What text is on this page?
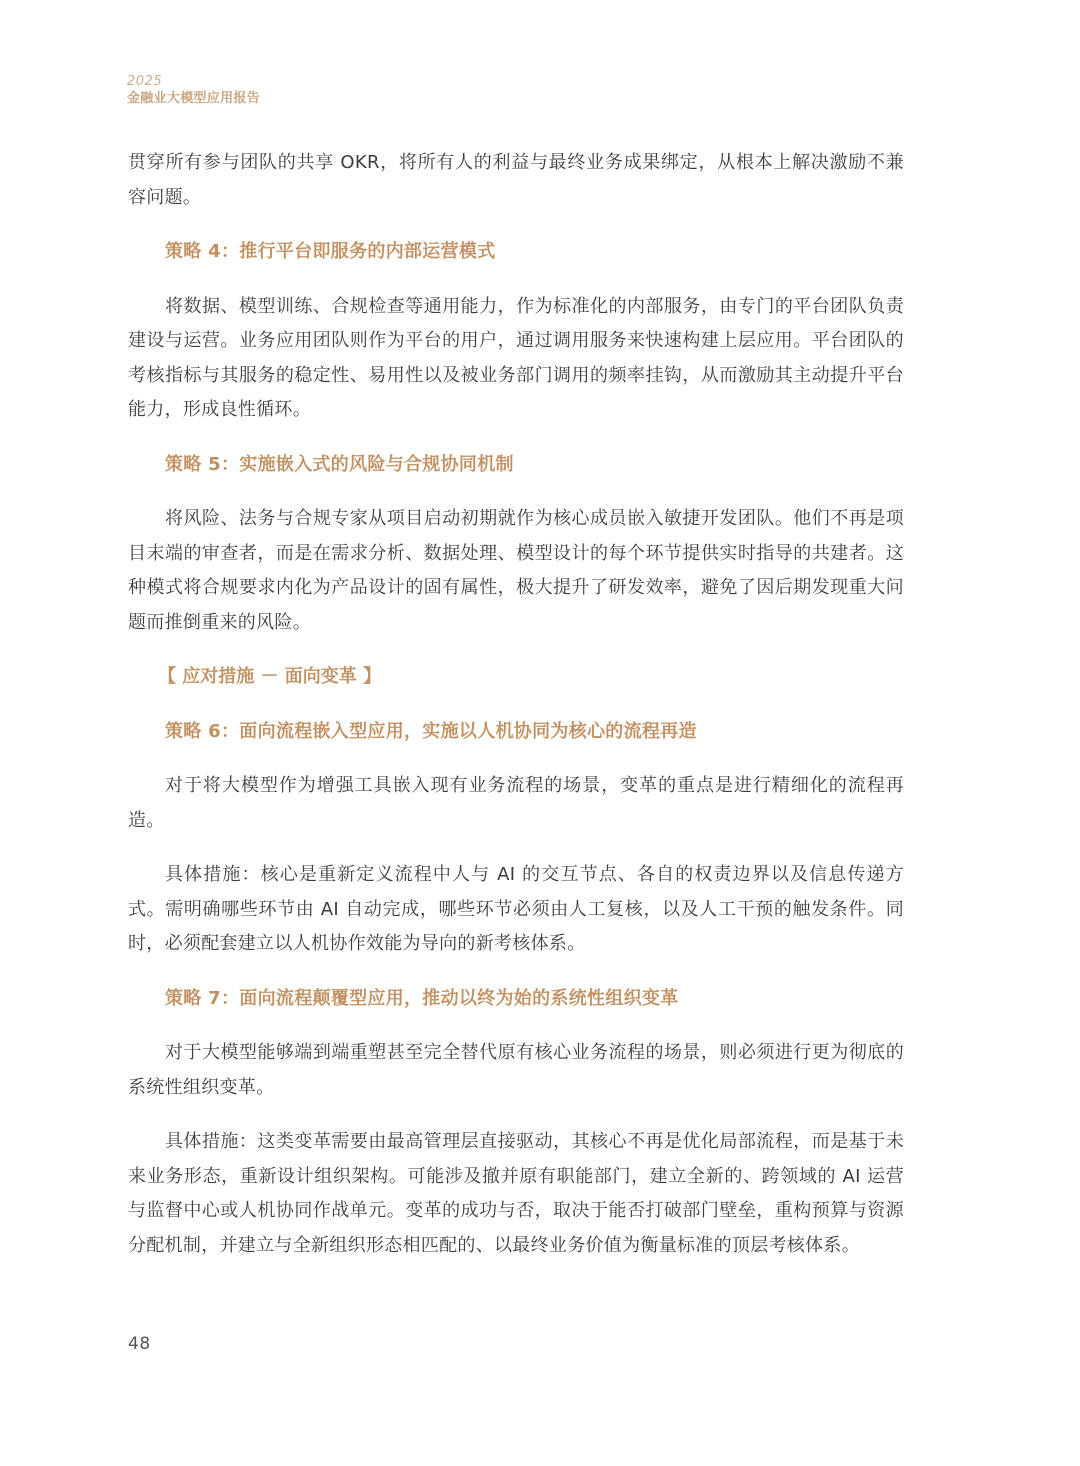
2025
金融业大模型应用报告

贯穿所有参与团队的共享 OKR，将所有人的利益与最终业务成果绑定，从根本上解决激励不兼容问题。

策略 4：推行平台即服务的内部运营模式

将数据、模型训练、合规检查等通用能力，作为标准化的内部服务，由专门的平台团队负责建设与运营。业务应用团队则作为平台的用户，通过调用服务来快速构建上层应用。平台团队的考核指标与其服务的稳定性、易用性以及被业务部门调用的频率挂钩，从而激励其主动提升平台能力，形成良性循环。

策略 5：实施嵌入式的风险与合规协同机制

将风险、法务与合规专家从项目启动初期就作为核心成员嵌入敏捷开发团队。他们不再是项目末端的审查者，而是在需求分析、数据处理、模型设计的每个环节提供实时指导的共建者。这种模式将合规要求内化为产品设计的固有属性，极大提升了研发效率，避免了因后期发现重大问题而推倒重来的风险。

【 应对措施 － 面向变革 】

策略 6：面向流程嵌入型应用，实施以人机协同为核心的流程再造

对于将大模型作为增强工具嵌入现有业务流程的场景，变革的重点是进行精细化的流程再造。

具体措施：核心是重新定义流程中人与 AI 的交互节点、各自的权责边界以及信息传递方式。需明确哪些环节由 AI 自动完成，哪些环节必须由人工复核，以及人工干预的触发条件。同时，必须配套建立以人机协作效能为导向的新考核体系。

策略 7：面向流程颠覆型应用，推动以终为始的系统性组织变革

对于大模型能够端到端重塑甚至完全替代原有核心业务流程的场景，则必须进行更为彻底的系统性组织变革。

具体措施：这类变革需要由最高管理层直接驱动，其核心不再是优化局部流程，而是基于未来业务形态，重新设计组织架构。可能涉及撤并原有职能部门，建立全新的、跨领域的 AI 运营与监督中心或人机协同作战单元。变革的成功与否，取决于能否打破部门壁垒，重构预算与资源分配机制，并建立与全新组织形态相匹配的、以最终业务价值为衡量标准的顶层考核体系。

48
